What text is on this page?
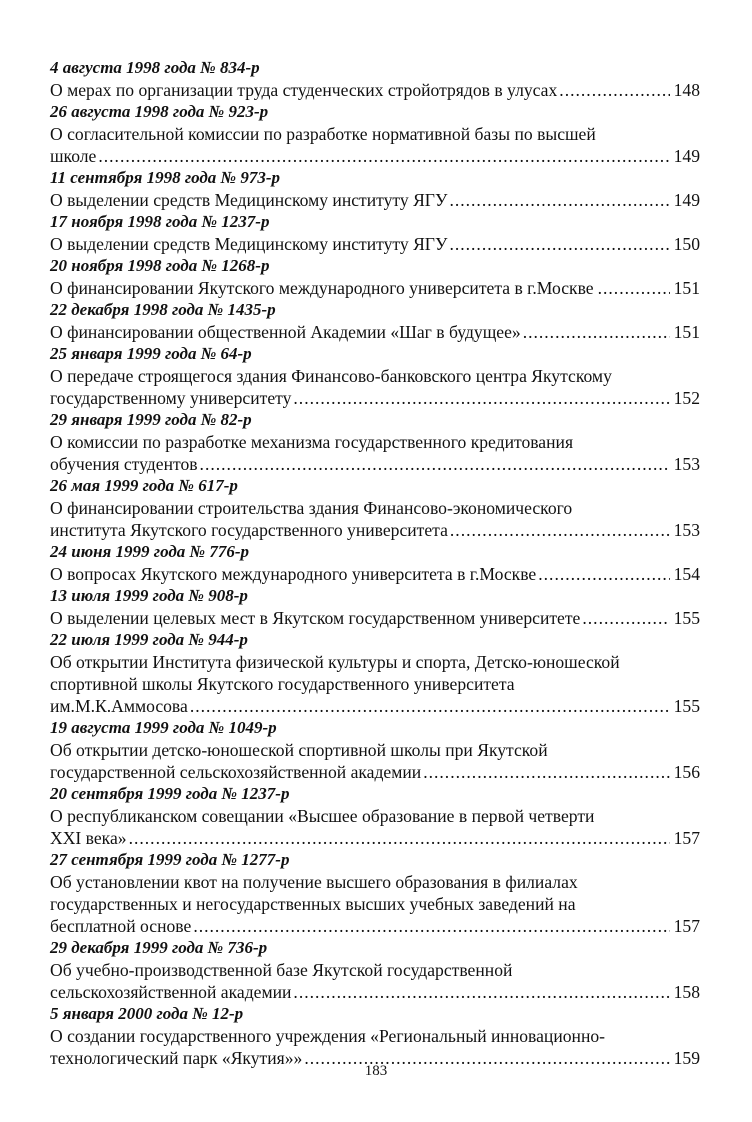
4 августа 1998 года № 834-р
О мерах по организации труда студенческих стройотрядов в улусах .....	148
26 августа 1998 года № 923-р
О согласительной комиссии по разработке нормативной базы по высшей
школе .....	149
11 сентября 1998 года № 973-р
О выделении средств Медицинскому институту ЯГУ .....	149
17 ноября 1998 года № 1237-р
О выделении средств Медицинскому институту ЯГУ .....	150
20 ноября 1998 года № 1268-р
О финансировании Якутского международного университета в г.Москве .....	151
22 декабря 1998 года № 1435-р
О финансировании общественной Академии «Шаг в будущее» .....	151
25 января 1999 года № 64-р
О передаче строящегося здания Финансово-банковского центра Якутскому
государственному университету .....	152
29 января 1999 года № 82-р
О комиссии по разработке механизма государственного кредитования
обучения студентов .....	153
26 мая 1999 года № 617-р
О финансировании строительства здания Финансово-экономического
института Якутского государственного университета .....	153
24 июня 1999 года № 776-р
О вопросах Якутского международного университета в г.Москве .....	154
13 июля 1999 года № 908-р
О выделении целевых мест в Якутском государственном университете .....	155
22 июля 1999 года № 944-р
Об открытии Института физической культуры и спорта, Детско-юношеской
спортивной школы Якутского государственного университета
им.М.К.Аммосова .....	155
19 августа 1999 года № 1049-р
Об открытии детско-юношеской спортивной школы при Якутской
государственной сельскохозяйственной академии .....	156
20 сентября 1999 года № 1237-р
О республиканском совещании «Высшее образование в первой четверти
XXI века» .....	157
27 сентября 1999 года № 1277-р
Об установлении квот на получение высшего образования в филиалах
государственных и негосударственных высших учебных заведений на
бесплатной основе .....	157
29 декабря 1999 года № 736-р
Об учебно-производственной базе Якутской государственной
сельскохозяйственной академии .....	158
5 января 2000 года № 12-р
О создании государственного учреждения «Региональный инновационно-
технологический парк «Якутия»» .....	159
183
